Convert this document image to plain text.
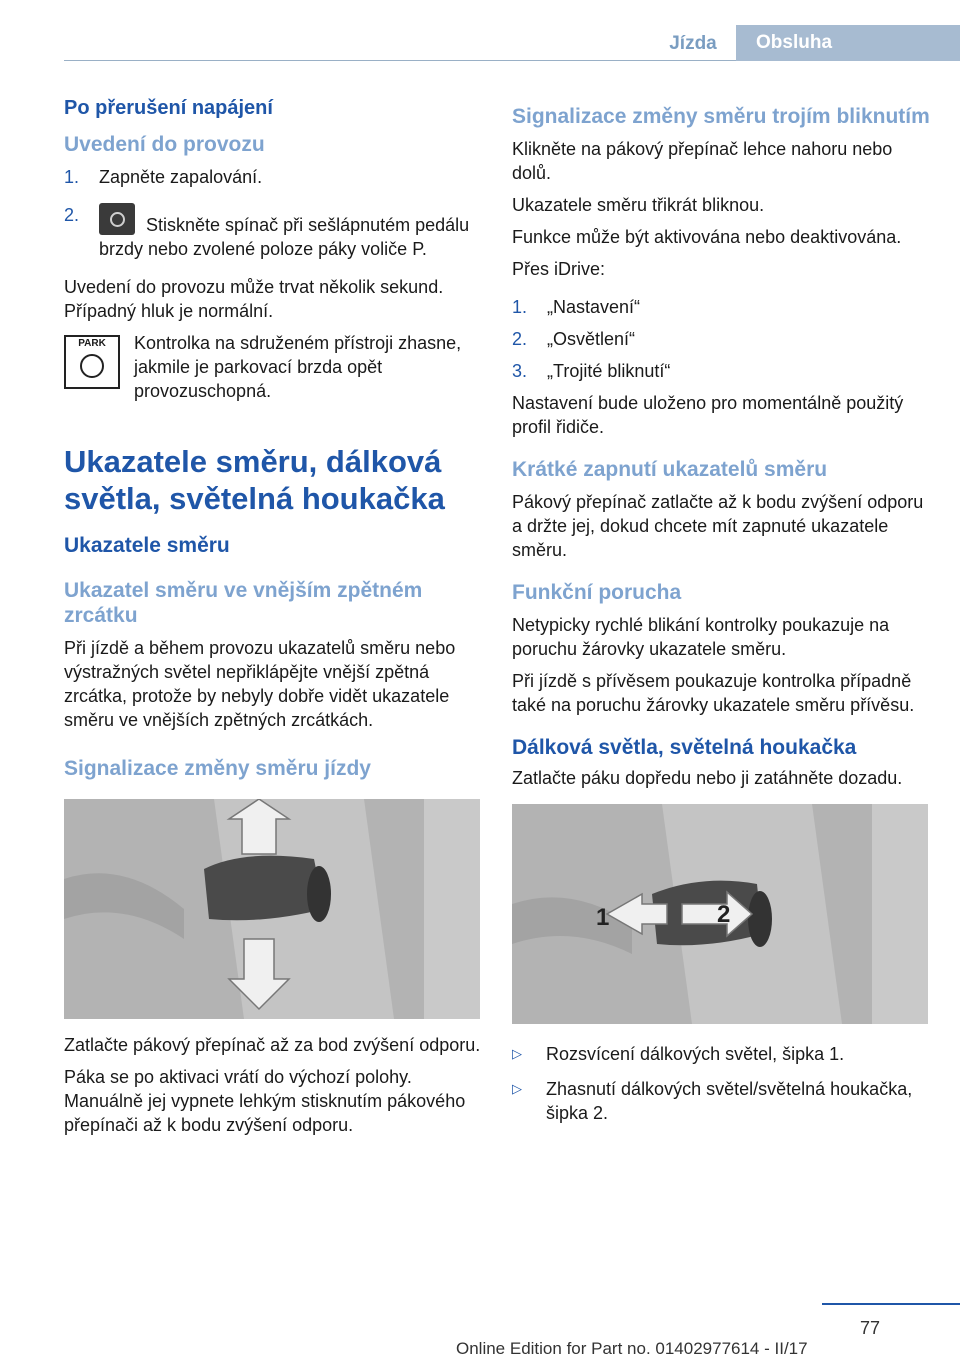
Jízda	Obsluha
Po přerušení napájení
Uvedení do provozu
1. Zapněte zapalování.
2.	Stiskněte spínač při sešlápnutém pedálu brzdy nebo zvolené poloze páky voliče P.

Uvedení do provozu může trvat několik sekund. Případný hluk je normální.

PARK	Kontrolka na sdruženém přístroji zhasne, jakmile je parkovací brzda opět provozuschopná.
Ukazatele směru, dálková světla, světelná houkačka
Ukazatele směru
Ukazatel směru ve vnějším zpětném zrcátku

Při jízdě a během provozu ukazatelů směru nebo výstražných světel nepřiklápějte vnější zpětná zrcátka, protože by nebyly dobře vidět ukazatele směru ve vnějších zpětných zrcátkách.

Signalizace změny směru jízdy

Zatlačte pákový přepínač až za bod zvýšení odporu.

Páka se po aktivaci vrátí do výchozí polohy. Manuálně jej vypnete lehkým stisknutím pákového přepínači až k bodu zvýšení odporu.

Signalizace změny směru trojím bliknutím

Klikněte na pákový přepínač lehce nahoru nebo dolů.

Ukazatele směru třikrát bliknou.

Funkce může být aktivována nebo deaktivována.

Přes iDrive:

1. „Nastavení“
2. „Osvětlení“
3. „Trojité bliknutí“

Nastavení bude uloženo pro momentálně použitý profil řidiče.

Krátké zapnutí ukazatelů směru

Pákový přepínač zatlačte až k bodu zvýšení odporu a držte jej, dokud chcete mít zapnuté ukazatele směru.

Funkční porucha

Netypicky rychlé blikání kontrolky poukazuje na poruchu žárovky ukazatele směru.

Při jízdě s přívěsem poukazuje kontrolka případně také na poruchu žárovky ukazatele směru přívěsu.

Dálková světla, světelná houkačka

Zatlačte páku dopředu nebo ji zatáhněte dozadu.

1	2
▷ Rozsvícení dálkových světel, šipka 1.
▷ Zhasnutí dálkových světel/světelná houkačka, šipka 2.
77
Online Edition for Part no. 01402977614 - II/17
